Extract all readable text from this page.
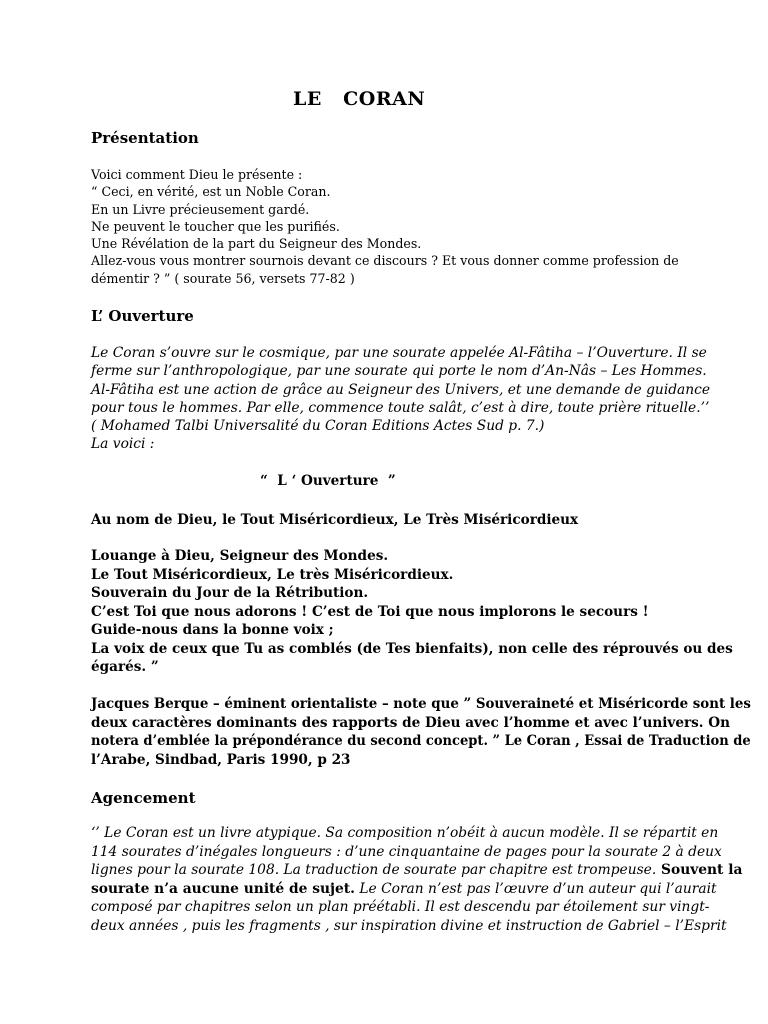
LE   CORAN
Présentation
Voici comment Dieu le présente :
“ Ceci, en vérité, est un Noble Coran.
En un Livre précieusement gardé.
Ne peuvent le toucher que les purifiés.
Une Révélation de la part du Seigneur des Mondes.
Allez-vous vous montrer sournois devant ce discours ? Et vous donner comme profession de
démentir ? ” ( sourate 56, versets 77-82 )
L’ Ouverture
Le Coran s’ouvre sur le cosmique, par une sourate appelée Al-Fâtiha – l’Ouverture. Il se
ferme sur l’anthropologique, par une sourate qui porte le nom d’An-Nâs – Les Hommes.
Al-Fâtiha est une action de grâce au Seigneur des Univers, et une demande de guidance
pour tous le hommes. Par elle, commence toute salât, c’est à dire, toute prière rituelle.’’
( Mohamed Talbi Universalité du Coran Editions Actes Sud p. 7.)
La voici :
“  L ‘ Ouverture  ”
Au nom de Dieu, le Tout Miséricordieux, Le Très Miséricordieux
Louange à Dieu, Seigneur des Mondes.
Le Tout Miséricordieux, Le très Miséricordieux.
Souverain du Jour de la Rétribution.
C’est Toi que nous adorons ! C’est de Toi que nous implorons le secours !
Guide-nous dans la bonne voix ;
La voix de ceux que Tu as comblés (de Tes bienfaits), non celle des réprouvés ou des
égarés. ”
Jacques Berque – éminent orientaliste – note que ” Souveraineté et Miséricorde sont les
deux caractères dominants des rapports de Dieu avec l’homme et avec l’univers. On
notera d’emblée la prépondérance du second concept. ” Le Coran , Essai de Traduction de
l’Arabe, Sindbad, Paris 1990, p 23
Agencement
‘’ Le Coran est un livre atypique. Sa composition n’obéit à aucun modèle. Il se répartit en
114 sourates d’inégales longueurs : d’une cinquantaine de pages pour la sourate 2 à deux
lignes pour la sourate 108. La traduction de sourate par chapitre est trompeuse. Souvent la
sourate n’a aucune unité de sujet. Le Coran n’est pas l’œuvre d’un auteur qui l’aurait
composé par chapitres selon un plan préétabli. Il est descendu par étoilement sur vingt-
deux années , puis les fragments , sur inspiration divine et instruction de Gabriel – l’Esprit
